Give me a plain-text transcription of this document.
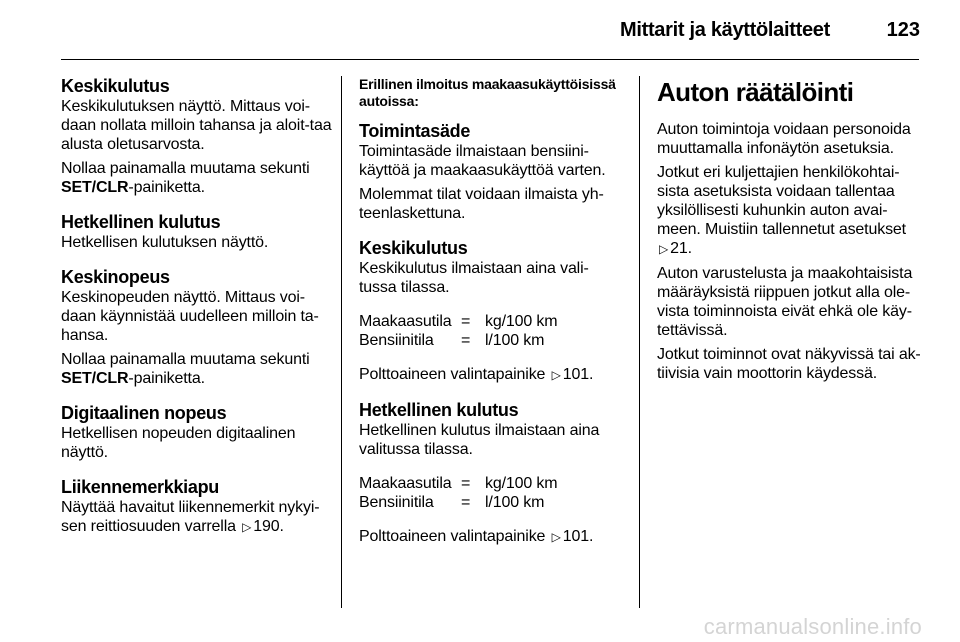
Mittarit ja käyttölaitteet	123
Keskikulutus

Keskikulutuksen näyttö. Mittaus voi-daan nollata milloin tahansa ja aloit-taa alusta oletusarvosta.

Nollaa painamalla muutama sekunti
SET/CLR-painiketta.

Hetkellinen kulutus

Hetkellisen kulutuksen näyttö.

Keskinopeus

Keskinopeuden näyttö. Mittaus voi-daan käynnistää uudelleen milloin ta-hansa.

Nollaa painamalla muutama sekunti
SET/CLR-painiketta.

Digitaalinen nopeus

Hetkellisen nopeuden digitaalinen näyttö.

Liikennemerkkiapu

Näyttää havaitut liikennemerkit nykyi-sen reittiosuuden varrella ▷ 190.

Erillinen ilmoitus maakaasukäyttöisissä autoissa:
Toimintasäde

Toimintasäde ilmaistaan bensiini-käyttöä ja maakaasukäyttöä varten.

Molemmat tilat voidaan ilmaista yh-teenlaskettuna.

Keskikulutus

Keskikulutus ilmaistaan aina vali-tussa tilassa.

Maakaasutila	=	kg/100 km
Bensiinitila	=	l/100 km

Polttoaineen valintapainike ▷ 101.

Hetkellinen kulutus

Hetkellinen kulutus ilmaistaan aina valitussa tilassa.

Maakaasutila	=	kg/100 km
Bensiinitila	=	l/100 km

Polttoaineen valintapainike ▷ 101.

Auton räätälöinti

Auton toimintoja voidaan personoida muuttamalla infonäytön asetuksia.

Jotkut eri kuljettajien henkilökohtai-sista asetuksista voidaan tallentaa yksilöllisesti kuhunkin auton avai-meen. Muistiin tallennetut asetukset
▷ 21.

Auton varustelusta ja maakohtaisista määräyksistä riippuen jotkut alla ole-vista toiminnoista eivät ehkä ole käy-tettävissä.

Jotkut toiminnot ovat näkyvissä tai ak-tiivisia vain moottorin käydessä.

carmanualsonline.info
